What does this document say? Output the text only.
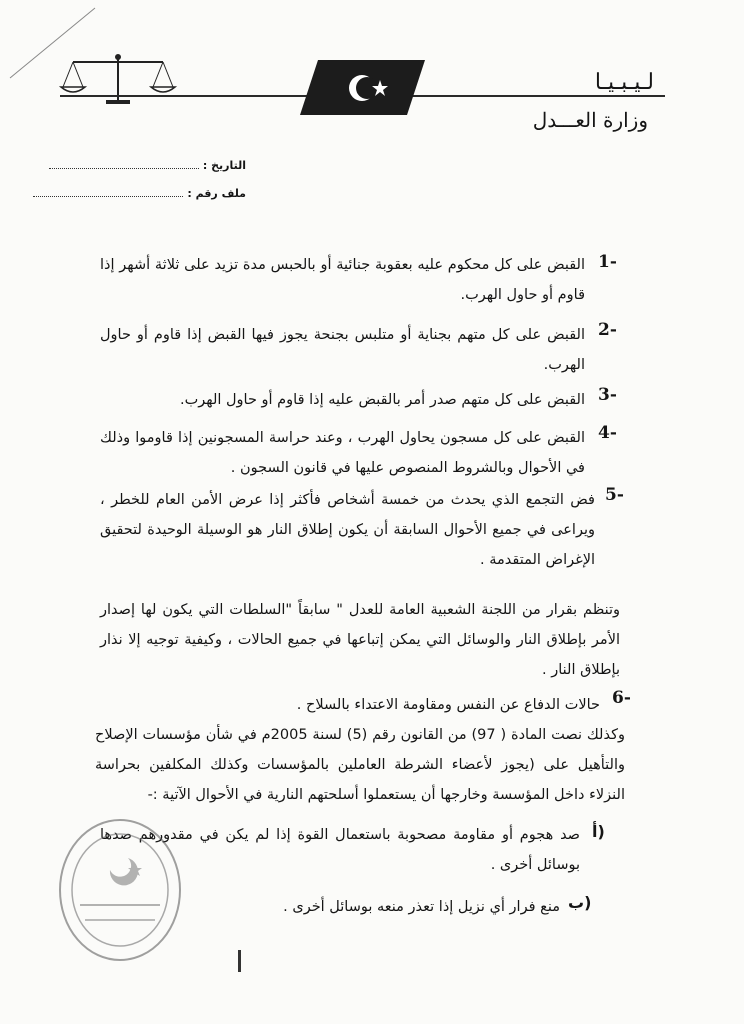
لـيـبـيـا
وزارة العـــدل
التاريخ :
ملف رقم :
1-
القبض على كل محكوم عليه بعقوبة جنائية أو بالحبس مدة تزيد على ثلاثة أشهر إذا قاوم أو حاول الهرب.
2-
القبض على كل متهم بجناية أو متلبس بجنحة يجوز فيها القبض إذا قاوم أو حاول الهرب.
3-
القبض على كل متهم صدر أمر بالقبض عليه إذا قاوم أو حاول الهرب.
4-
القبض على كل مسجون يحاول الهرب ، وعند حراسة المسجونين إذا قاوموا وذلك في الأحوال وبالشروط المنصوص عليها في قانون السجون .
5-
فض التجمع الذي يحدث من خمسة أشخاص فأكثر إذا عرض الأمن العام للخطر ، ويراعى في جميع الأحوال السابقة أن يكون إطلاق النار هو الوسيلة الوحيدة لتحقيق الإغراض المتقدمة .
وتنظم بقرار من اللجنة الشعبية العامة للعدل " سابقاً "السلطات التي يكون لها إصدار الأمر بإطلاق النار والوسائل التي يمكن إتباعها في جميع الحالات ، وكيفية توجيه إلا نذار بإطلاق النار .
6-
حالات الدفاع عن النفس ومقاومة الاعتداء بالسلاح .
وكذلك نصت المادة ( 97) من القانون رقم (5) لسنة 2005م في شأن مؤسسات الإصلاح والتأهيل على (يجوز لأعضاء الشرطة العاملين بالمؤسسات وكذلك المكلفين بحراسة النزلاء داخل المؤسسة وخارجها أن يستعملوا أسلحتهم النارية في الأحوال الآتية :-
أ)
صد هجوم أو مقاومة مصحوبة باستعمال القوة إذا لم يكن في مقدورهم صدها بوسائل أخرى .
ب)
منع فرار أي نزيل إذا تعذر منعه بوسائل أخرى .
